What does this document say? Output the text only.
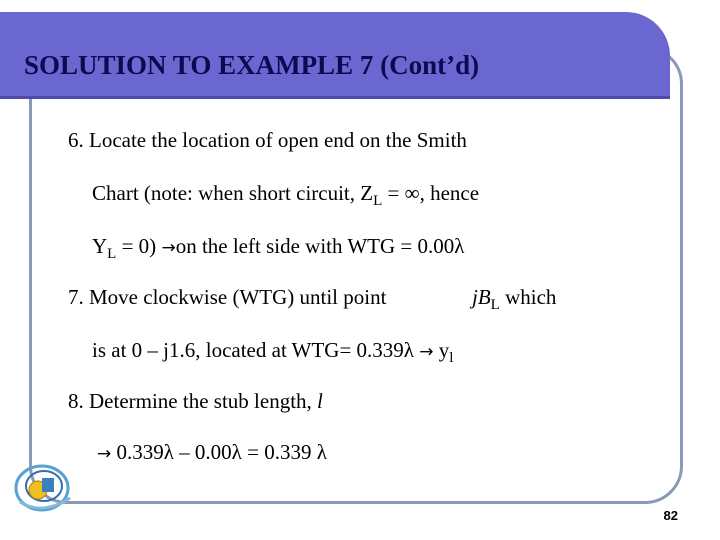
SOLUTION TO EXAMPLE 7 (Cont’d)
6. Locate the location of open end on the Smith
Chart (note: when short circuit, $Z_L$ = ∞, hence
$Y_L = 0) \to on$ the left side with WTG = 0.00λ
7. Move clockwise (WTG) until point	$jB_L$ which
is at 0 – j1.6, located at $WTG= 0.339\lambda \to y_l$
8. Determine the stub length, l
→ 0.339λ – 0.00λ = 0.339 λ
82
